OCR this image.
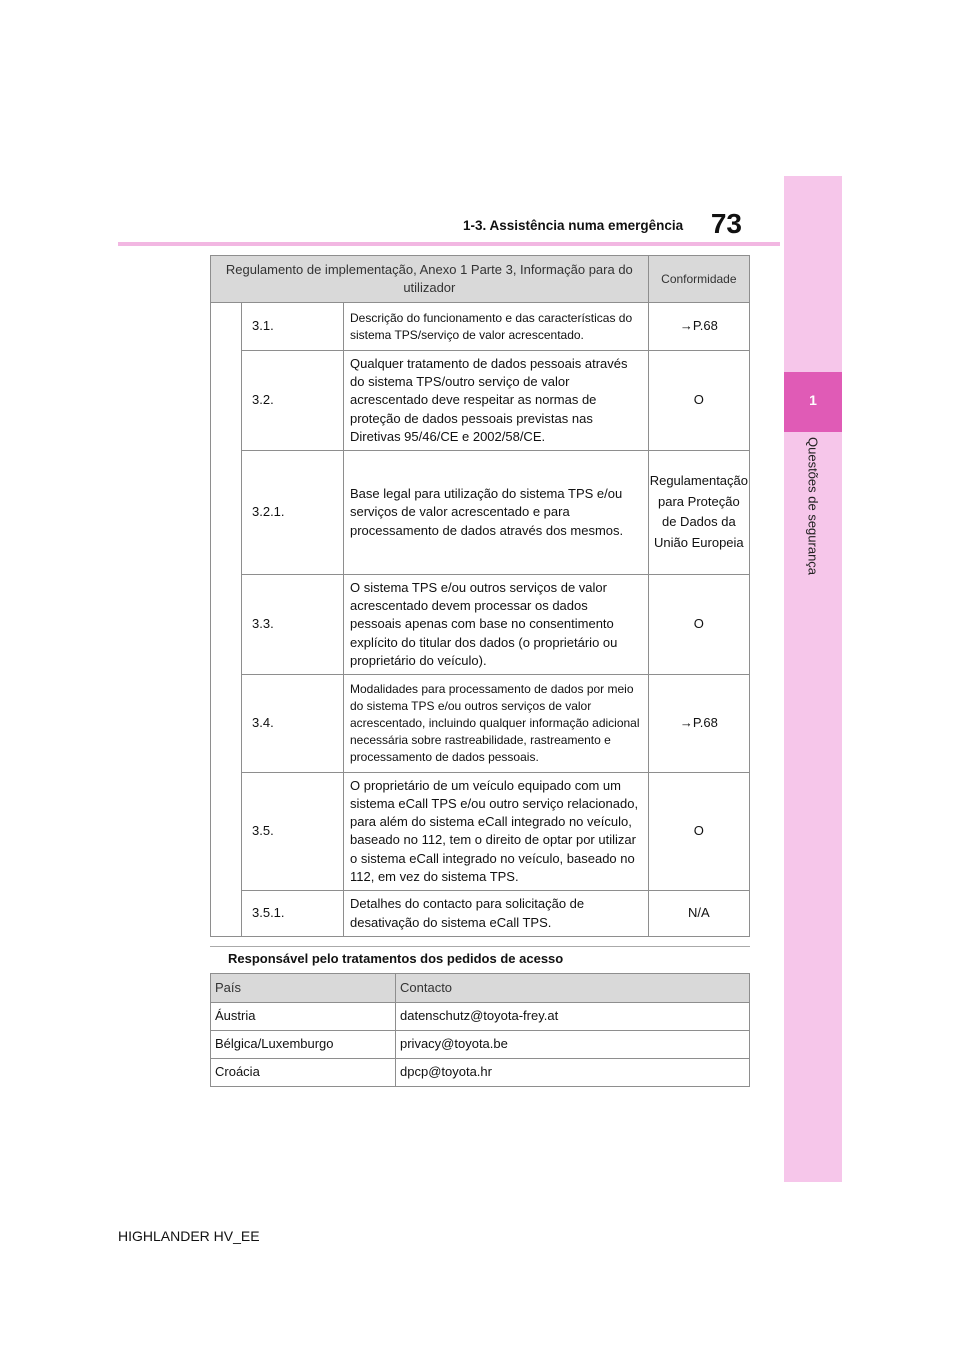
73
1-3. Assistência numa emergência
1
Questões de segurança
Regulamento de implementação, Anexo 1 Parte 3, Informação para do utilizador			Conformidade
	3.1.	Descrição do funcionamento e das características do sistema TPS/serviço de valor acrescentado.	→P.68
	3.2.	Qualquer tratamento de dados pessoais através do sistema TPS/outro serviço de valor acrescentado deve respeitar as normas de proteção de dados pessoais previstas nas Diretivas 95/46/CE e 2002/58/CE.	O
	3.2.1.	Base legal para utilização do sistema TPS e/ou serviços de valor acrescentado e para processamento de dados através dos mesmos.	Regulamentação para Proteção de Dados da União Europeia
	3.3.	O sistema TPS e/ou outros serviços de valor acrescentado devem processar os dados pessoais apenas com base no consentimento explícito do titular dos dados (o proprietário ou proprietário do veículo).	O
	3.4.	Modalidades para processamento de dados por meio do sistema TPS e/ou outros serviços de valor acrescentado, incluindo qualquer informação adicional necessária sobre rastreabilidade, rastreamento e processamento de dados pessoais.	→P.68
	3.5.	O proprietário de um veículo equipado com um sistema eCall TPS e/ou outro serviço relacionado, para além do sistema eCall integrado no veículo, baseado no 112, tem o direito de optar por utilizar o sistema eCall integrado no veículo, baseado no 112, em vez do sistema TPS.	O
	3.5.1.	Detalhes do contacto para solicitação de desativação do sistema eCall TPS.	N/A
Responsável pelo tratamentos dos pedidos de acesso
País	Contacto
Áustria	datenschutz@toyota-frey.at
Bélgica/Luxemburgo	privacy@toyota.be
Croácia	dpcp@toyota.hr
HIGHLANDER HV_EE
